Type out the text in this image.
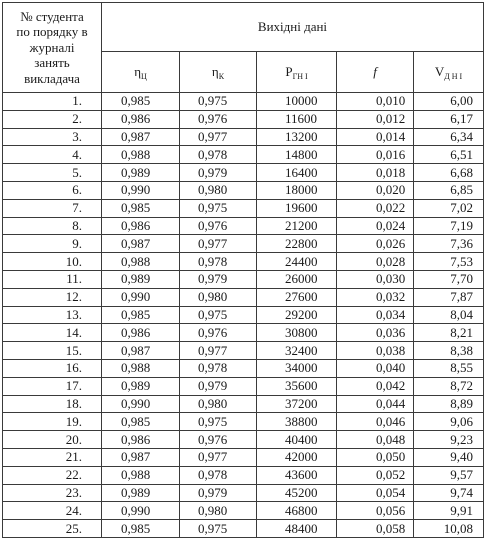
№ студента
по порядку в
журналі
занять
викладача	Вихідні дані				
	$\eta_Ц$	$\eta_К$	$P_{ГН I}$	f	$V_{Д Н I}$
1.	0,985	0,975	10000	0,010	6,00
2.	0,986	0,976	11600	0,012	6,17
3.	0,987	0,977	13200	0,014	6,34
4.	0,988	0,978	14800	0,016	6,51
5.	0,989	0,979	16400	0,018	6,68
6.	0,990	0,980	18000	0,020	6,85
7.	0,985	0,975	19600	0,022	7,02
8.	0,986	0,976	21200	0,024	7,19
9.	0,987	0,977	22800	0,026	7,36
10.	0,988	0,978	24400	0,028	7,53
11.	0,989	0,979	26000	0,030	7,70
12.	0,990	0,980	27600	0,032	7,87
13.	0,985	0,975	29200	0,034	8,04
14.	0,986	0,976	30800	0,036	8,21
15.	0,987	0,977	32400	0,038	8,38
16.	0,988	0,978	34000	0,040	8,55
17.	0,989	0,979	35600	0,042	8,72
18.	0,990	0,980	37200	0,044	8,89
19.	0,985	0,975	38800	0,046	9,06
20.	0,986	0,976	40400	0,048	9,23
21.	0,987	0,977	42000	0,050	9,40
22.	0,988	0,978	43600	0,052	9,57
23.	0,989	0,979	45200	0,054	9,74
24.	0,990	0,980	46800	0,056	9,91
25.	0,985	0,975	48400	0,058	10,08
